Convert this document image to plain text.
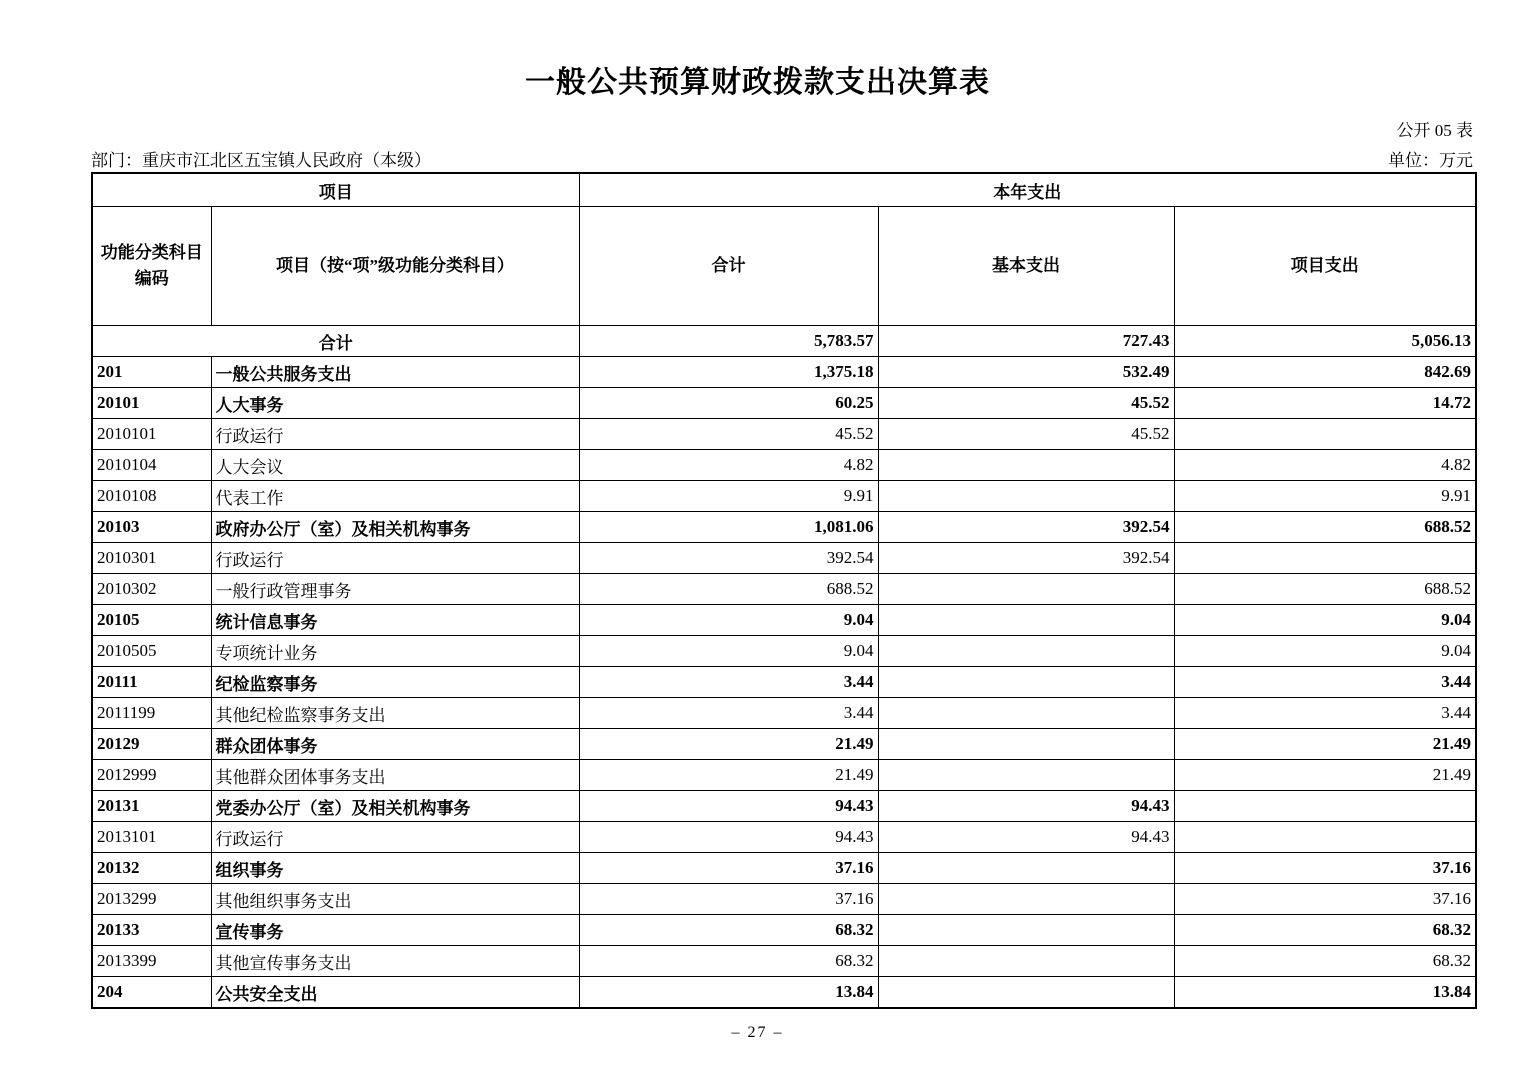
一般公共预算财政拨款支出决算表
公开 05 表
部门：重庆市江北区五宝镇人民政府（本级）	单位：万元
项目		本年支出		
功能分类科目
编码	项目（按“项”级功能分类科目）	合计	基本支出	项目支出
合计		5,783.57	727.43	5,056.13
201	一般公共服务支出	1,375.18	532.49	842.69
20101	人大事务	60.25	45.52	14.72
2010101	行政运行	45.52	45.52	
2010104	人大会议	4.82		4.82
2010108	代表工作	9.91		9.91
20103	政府办公厅（室）及相关机构事务	1,081.06	392.54	688.52
2010301	行政运行	392.54	392.54	
2010302	一般行政管理事务	688.52		688.52
20105	统计信息事务	9.04		9.04
2010505	专项统计业务	9.04		9.04
20111	纪检监察事务	3.44		3.44
2011199	其他纪检监察事务支出	3.44		3.44
20129	群众团体事务	21.49		21.49
2012999	其他群众团体事务支出	21.49		21.49
20131	党委办公厅（室）及相关机构事务	94.43	94.43	
2013101	行政运行	94.43	94.43	
20132	组织事务	37.16		37.16
2013299	其他组织事务支出	37.16		37.16
20133	宣传事务	68.32		68.32
2013399	其他宣传事务支出	68.32		68.32
204	公共安全支出	13.84		13.84
– 27 –
